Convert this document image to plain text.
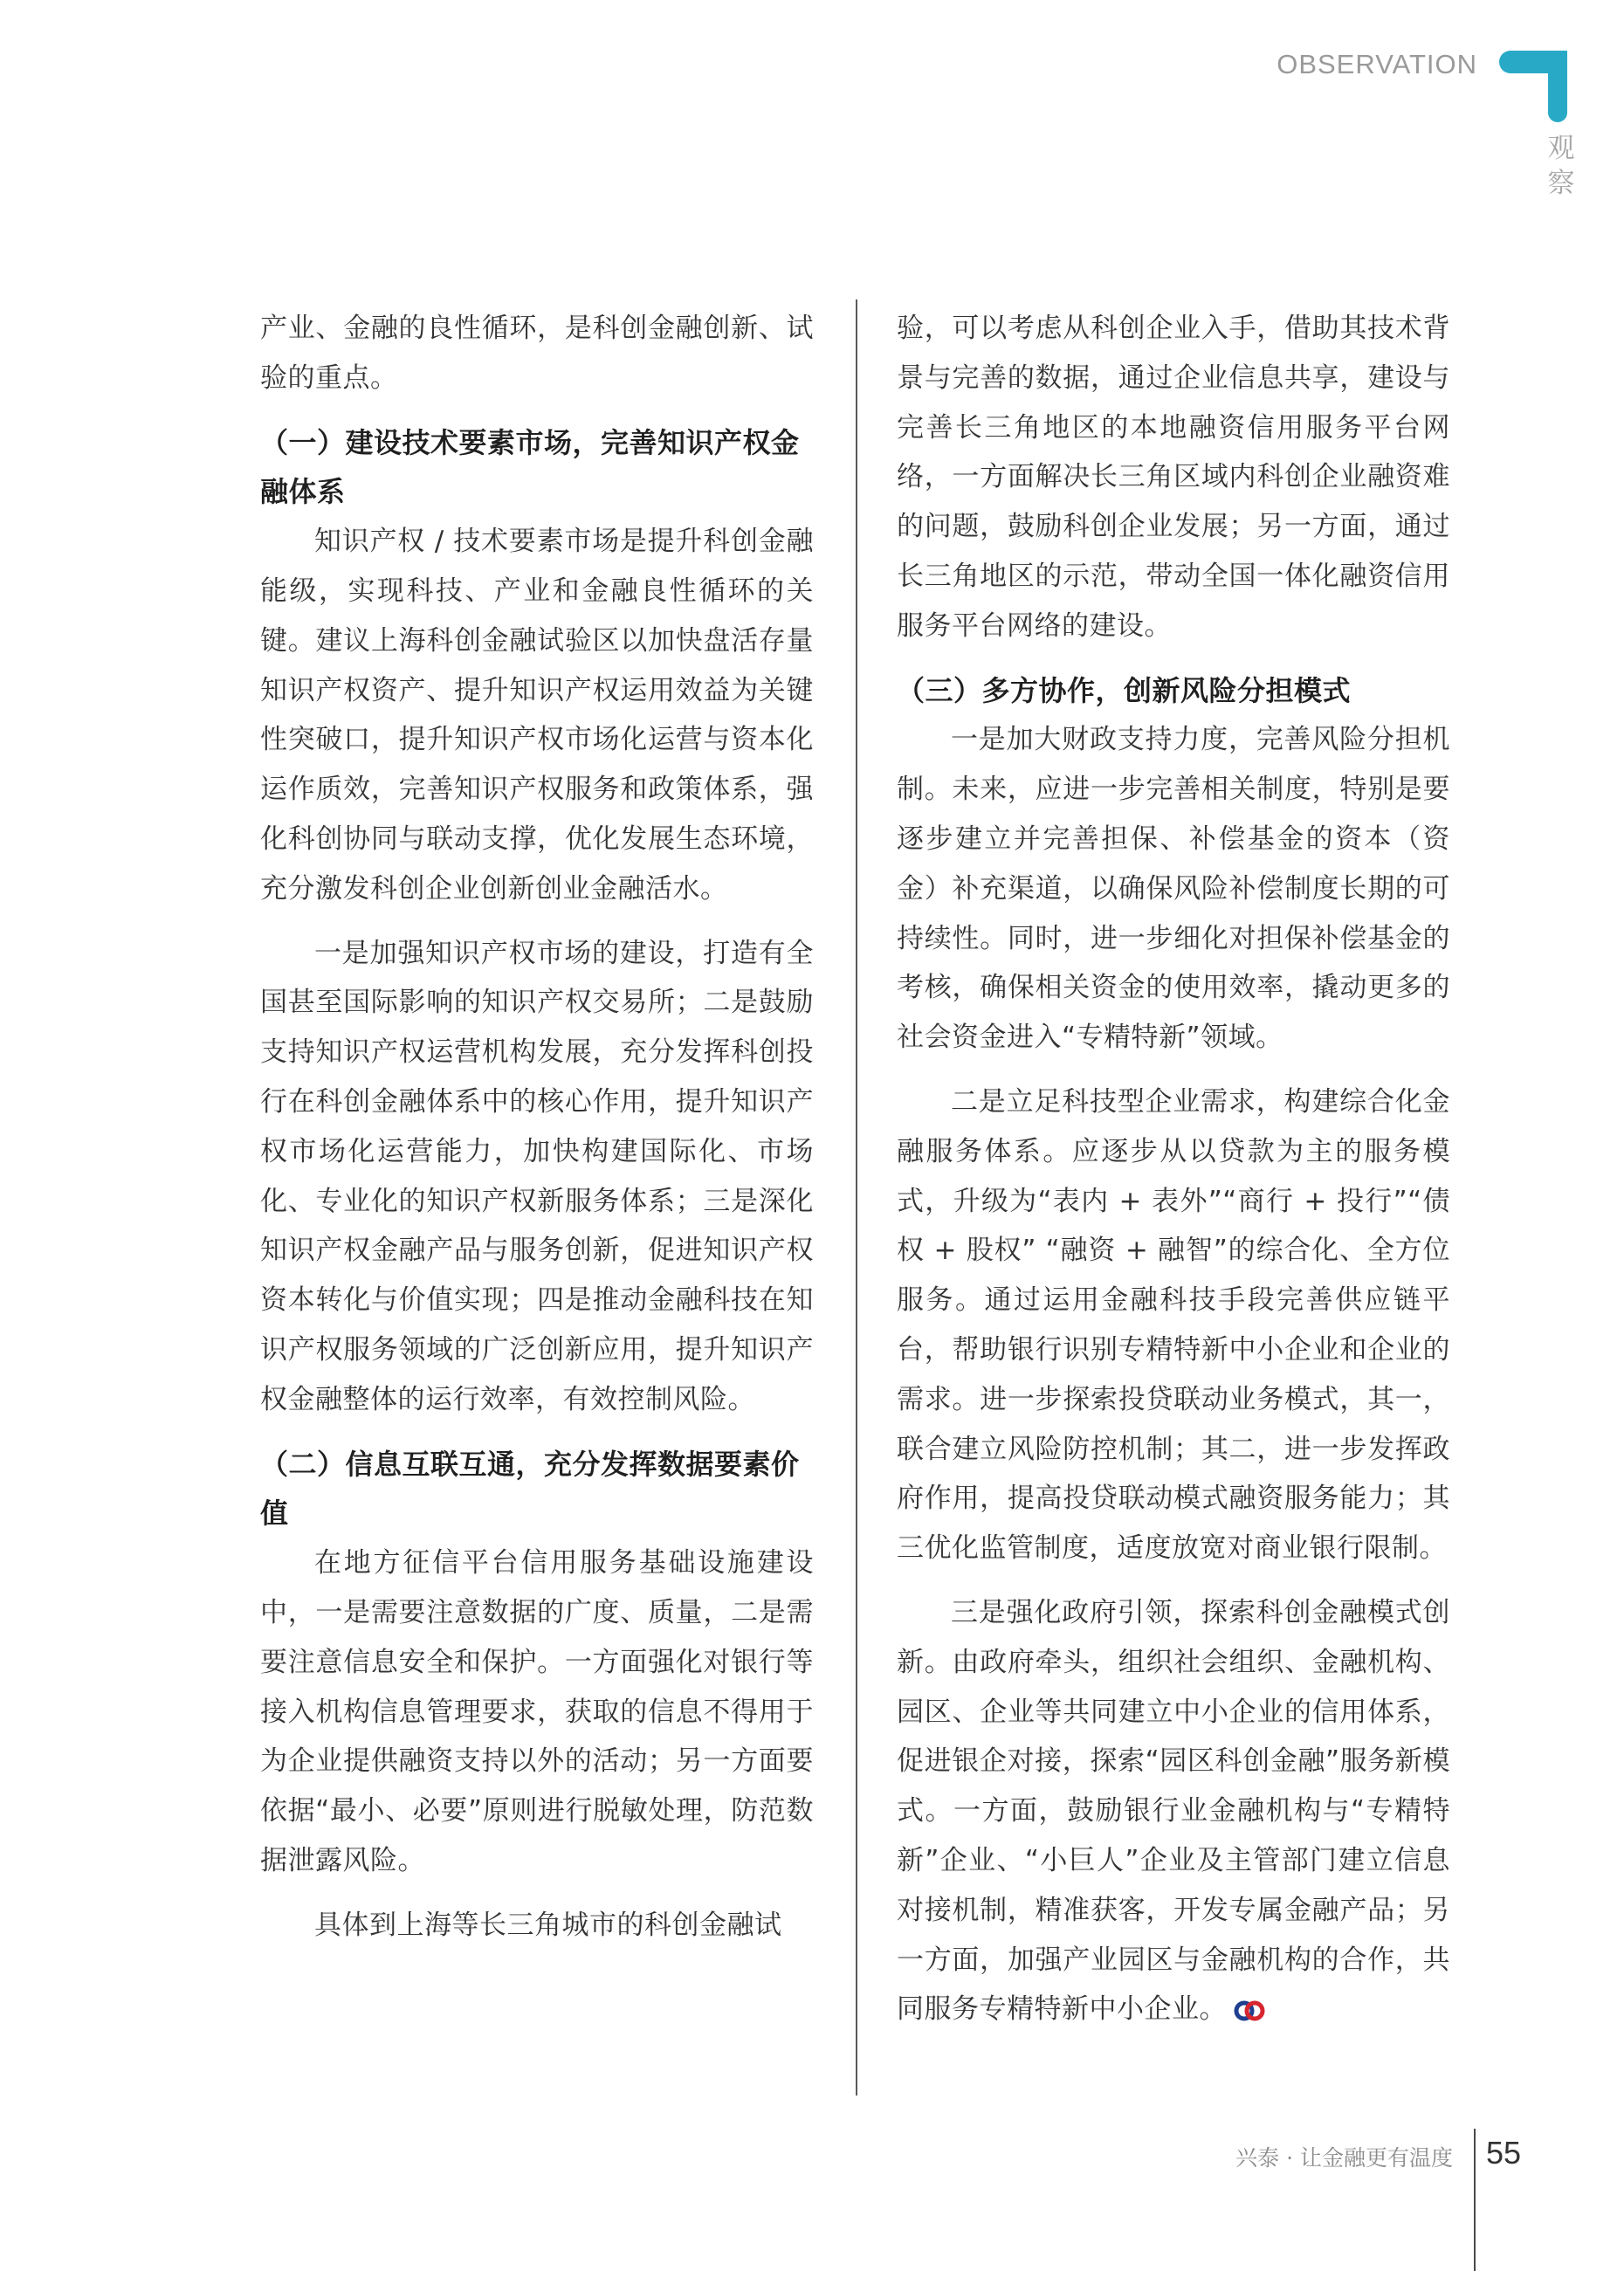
OBSERVATION
观
察

产业、金融的良性循环，是科创金融创新、试验的重点。

（一）建设技术要素市场，完善知识产权金融体系

知识产权 / 技术要素市场是提升科创金融能级，实现科技、产业和金融良性循环的关键。建议上海科创金融试验区以加快盘活存量知识产权资产、提升知识产权运用效益为关键性突破口，提升知识产权市场化运营与资本化运作质效，完善知识产权服务和政策体系，强化科创协同与联动支撑，优化发展生态环境，充分激发科创企业创新创业金融活水。

一是加强知识产权市场的建设，打造有全国甚至国际影响的知识产权交易所；二是鼓励支持知识产权运营机构发展，充分发挥科创投行在科创金融体系中的核心作用，提升知识产权市场化运营能力，加快构建国际化、市场化、专业化的知识产权新服务体系；三是深化知识产权金融产品与服务创新，促进知识产权资本转化与价值实现；四是推动金融科技在知识产权服务领域的广泛创新应用，提升知识产权金融整体的运行效率，有效控制风险。

（二）信息互联互通，充分发挥数据要素价值

在地方征信平台信用服务基础设施建设中，一是需要注意数据的广度、质量，二是需要注意信息安全和保护。一方面强化对银行等接入机构信息管理要求，获取的信息不得用于为企业提供融资支持以外的活动；另一方面要依据“最小、必要”原则进行脱敏处理，防范数据泄露风险。

具体到上海等长三角城市的科创金融试

验，可以考虑从科创企业入手，借助其技术背景与完善的数据，通过企业信息共享，建设与完善长三角地区的本地融资信用服务平台网络，一方面解决长三角区域内科创企业融资难的问题，鼓励科创企业发展；另一方面，通过长三角地区的示范，带动全国一体化融资信用服务平台网络的建设。

（三）多方协作，创新风险分担模式

一是加大财政支持力度，完善风险分担机制。未来，应进一步完善相关制度，特别是要逐步建立并完善担保、补偿基金的资本（资金）补充渠道，以确保风险补偿制度长期的可持续性。同时，进一步细化对担保补偿基金的考核，确保相关资金的使用效率，撬动更多的社会资金进入“专精特新”领域。

二是立足科技型企业需求，构建综合化金融服务体系。应逐步从以贷款为主的服务模式，升级为“表内 + 表外”“商行 + 投行”“债权 + 股权” “融资 + 融智”的综合化、全方位服务。通过运用金融科技手段完善供应链平台，帮助银行识别专精特新中小企业和企业的需求。进一步探索投贷联动业务模式，其一，联合建立风险防控机制；其二，进一步发挥政府作用，提高投贷联动模式融资服务能力；其三优化监管制度，适度放宽对商业银行限制。

三是强化政府引领，探索科创金融模式创新。由政府牵头，组织社会组织、金融机构、园区、企业等共同建立中小企业的信用体系，促进银企对接，探索“园区科创金融”服务新模式。一方面，鼓励银行业金融机构与“专精特新”企业、“小巨人”企业及主管部门建立信息对接机制，精准获客，开发专属金融产品；另一方面，加强产业园区与金融机构的合作，共同服务专精特新中小企业。

兴泰 · 让金融更有温度 55
